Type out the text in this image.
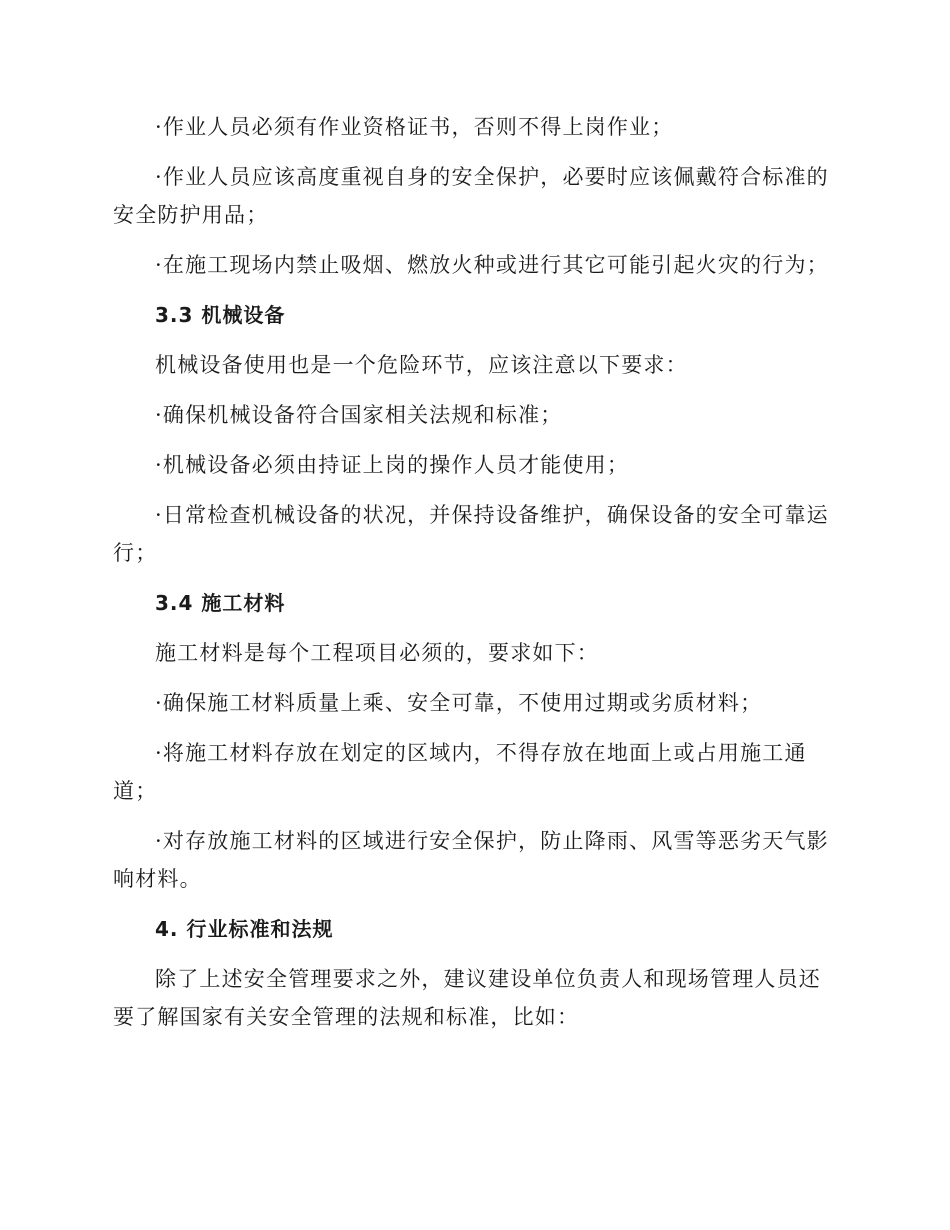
·作业人员必须有作业资格证书，否则不得上岗作业；

·作业人员应该高度重视自身的安全保护，必要时应该佩戴符合标准的安全防护用品；

·在施工现场内禁止吸烟、燃放火种或进行其它可能引起火灾的行为；

3.3 机械设备

机械设备使用也是一个危险环节，应该注意以下要求：

·确保机械设备符合国家相关法规和标准；

·机械设备必须由持证上岗的操作人员才能使用；

·日常检查机械设备的状况，并保持设备维护，确保设备的安全可靠运行；

3.4 施工材料

施工材料是每个工程项目必须的，要求如下：

·确保施工材料质量上乘、安全可靠，不使用过期或劣质材料；

·将施工材料存放在划定的区域内，不得存放在地面上或占用施工通道；

·对存放施工材料的区域进行安全保护，防止降雨、风雪等恶劣天气影响材料。

4. 行业标准和法规

除了上述安全管理要求之外，建议建设单位负责人和现场管理人员还要了解国家有关安全管理的法规和标准，比如：
